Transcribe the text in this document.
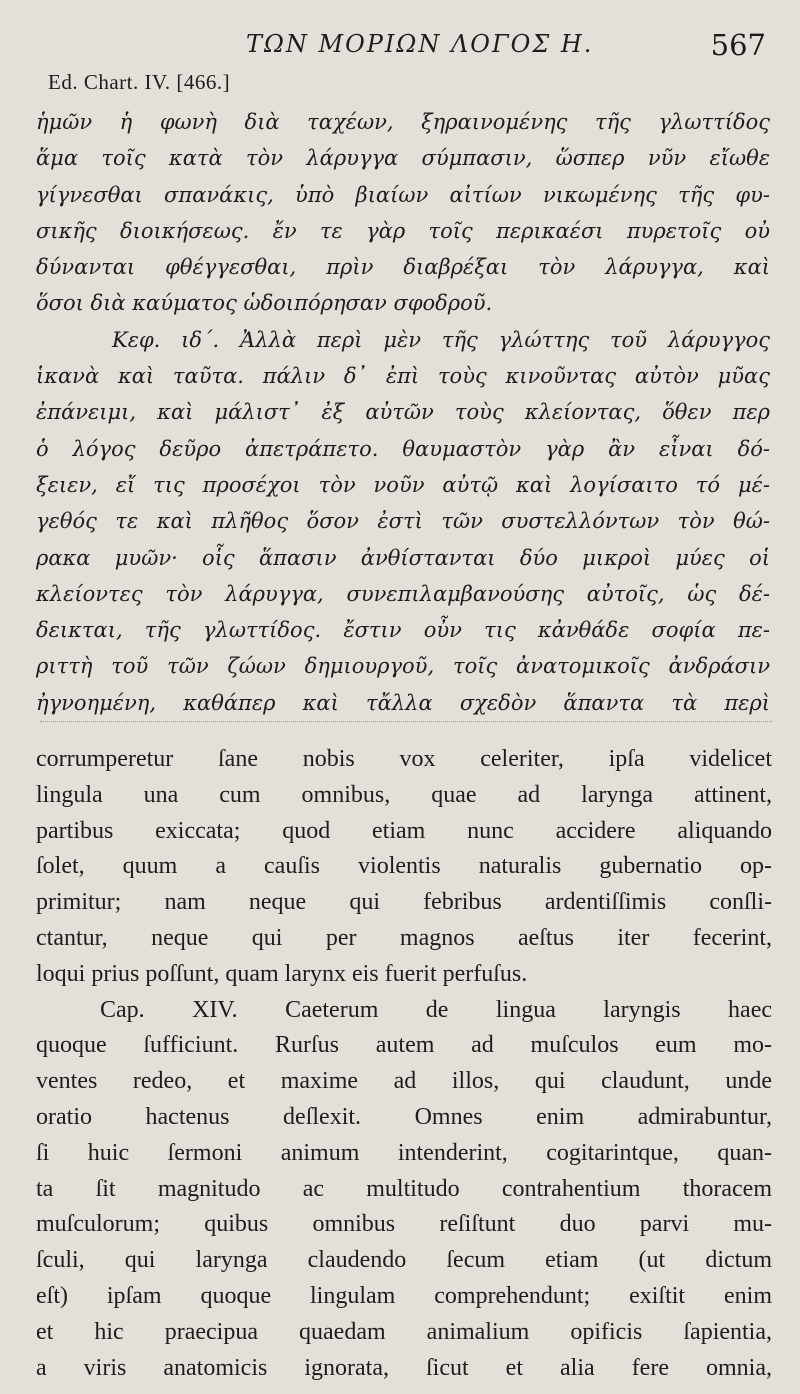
ΤΩΝ ΜΟΡΙΩΝ ΛΟΓΟΣ Η.	567
Ed. Chart. IV. [466.]
ἡμῶν ἡ φωνὴ διὰ ταχέων, ξηραινομένης τῆς γλωττίδος
ἅμα τοῖς κατὰ τὸν λάρυγγα σύμπασιν, ὥσπερ νῦν εἴωθε
γίγνεσθαι σπανάκις, ὑπὸ βιαίων αἰτίων νικωμένης τῆς φυ-
σικῆς διοικήσεως. ἔν τε γὰρ τοῖς περικαέσι πυρετοῖς οὐ
δύνανται φθέγγεσθαι, πρὶν διαβρέξαι τὸν λάρυγγα, καὶ
ὅσοι διὰ καύματος ὡδοιπόρησαν σφοδροῦ.
Κεφ. ιδ΄. Ἀλλὰ περὶ μὲν τῆς γλώττης τοῦ λάρυγγος
ἱκανὰ καὶ ταῦτα. πάλιν δ᾽ ἐπὶ τοὺς κινοῦντας αὐτὸν μῦας
ἐπάνειμι, καὶ μάλιστ᾽ ἐξ αὐτῶν τοὺς κλείοντας, ὅθεν περ
ὁ λόγος δεῦρο ἀπετράπετο. θαυμαστὸν γὰρ ἂν εἶναι δό-
ξειεν, εἴ τις προσέχοι τὸν νοῦν αὐτῷ καὶ λογίσαιτο τό μέ-
γεθός τε καὶ πλῆθος ὅσον ἐστὶ τῶν συστελλόντων τὸν θώ-
ρακα μυῶν· οἷς ἅπασιν ἀνθίστανται δύο μικροὶ μύες οἱ
κλείοντες τὸν λάρυγγα, συνεπιλαμβανούσης αὐτοῖς, ὡς δέ-
δεικται, τῆς γλωττίδος. ἔστιν οὖν τις κἀνθάδε σοφία πε-
ριττὴ τοῦ τῶν ζώων δημιουργοῦ, τοῖς ἀνατομικοῖς ἀνδράσιν
ἠγνοημένη, καθάπερ καὶ τἄλλα σχεδὸν ἅπαντα τὰ περὶ
corrumperetur ſane nobis vox celeriter, ipſa videlicet
lingula una cum omnibus, quae ad laryngа attinent,
partibus exiccata; quod etiam nunc accidere aliquando
ſolet, quum a cauſis violentis naturalis gubernatio op-
primitur; nam neque qui febribus ardentiſſimis conſli-
ctantur, neque qui per magnos aeſtus iter fecerint,
loqui prius poſſunt, quam larynx eis fuerit perfuſus.
Cap. XIV. Caeterum de lingua laryngis haec
quoque ſufficiunt. Rurſus autem ad muſculos eum mo-
ventes redeo, et maxime ad illos, qui claudunt, unde
oratio hactenus deſlexit. Omnes enim admirabuntur,
ſi huic ſermoni animum intenderint, cogitarintque, quan-
ta ſit magnitudo ac multitudo contrahentium thoracem
muſculorum; quibus omnibus reſiſtunt duo parvi mu-
ſculi, qui larynga claudendo ſecum etiam (ut dictum
eſt) ipſam quoque lingulam comprehendunt; exiſtit enim
et hic praecipua quaedam animalium opificis ſapientia,
a viris anatomicis ignorata, ſicut et alia fere omnia,
